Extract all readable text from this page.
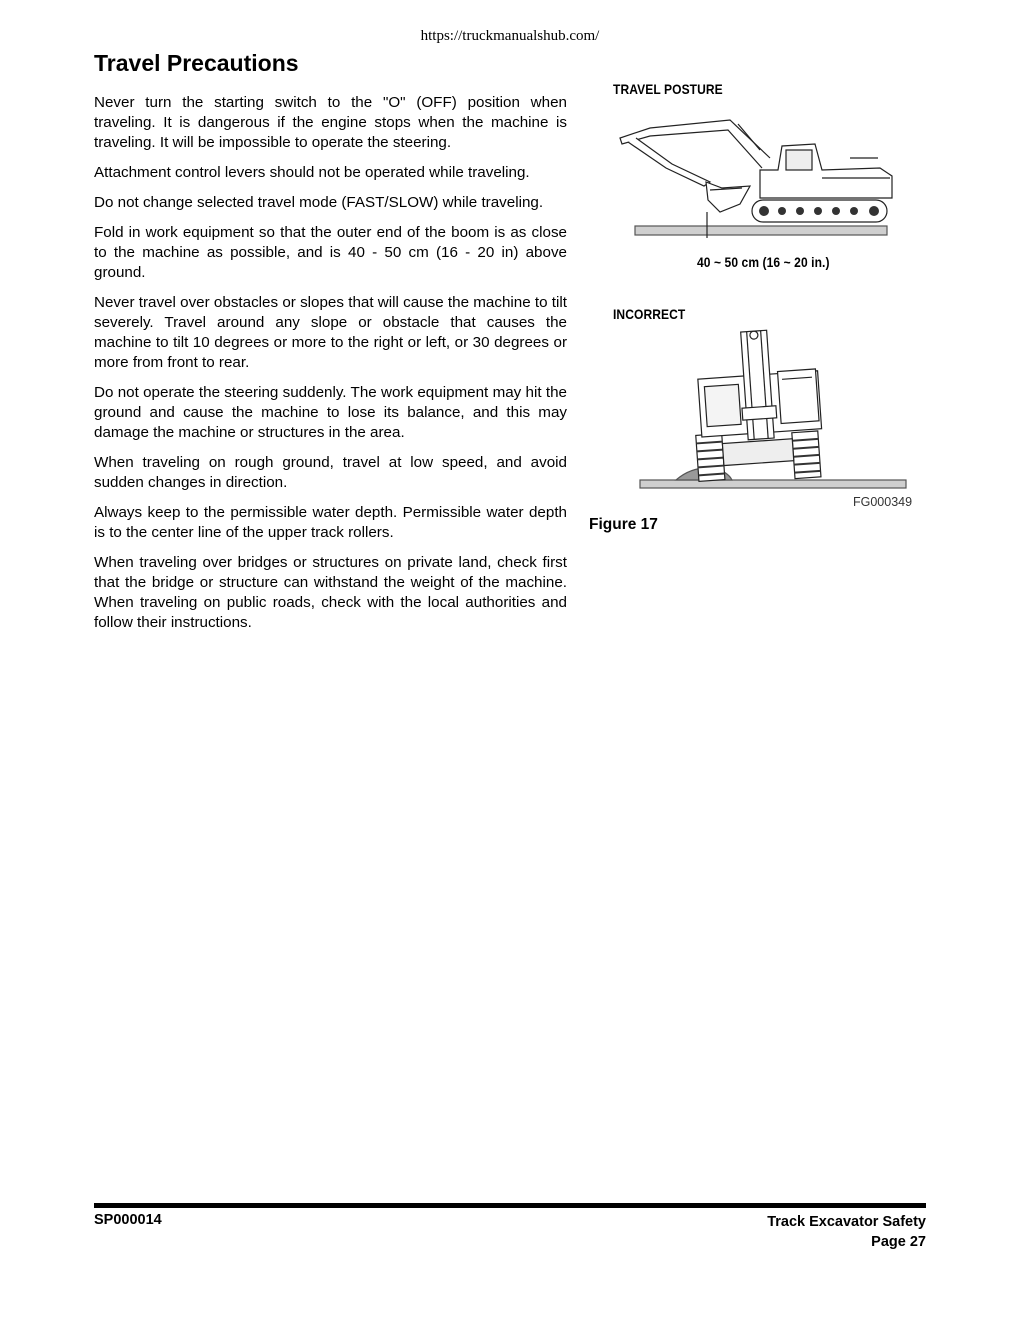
https://truckmanualshub.com/
Travel Precautions

Never turn the starting switch to the "O" (OFF) position when traveling. It is dangerous if the engine stops when the machine is traveling. It will be impossible to operate the steering.

Attachment control levers should not be operated while traveling.

Do not change selected travel mode (FAST/SLOW) while traveling.

Fold in work equipment so that the outer end of the boom is as close to the machine as possible, and is 40 - 50 cm (16 - 20 in) above ground.

Never travel over obstacles or slopes that will cause the machine to tilt severely. Travel around any slope or obstacle that causes the machine to tilt 10 degrees or more to the right or left, or 30 degrees or more from front to rear.

Do not operate the steering suddenly. The work equipment may hit the ground and cause the machine to lose its balance, and this may damage the machine or structures in the area.

When traveling on rough ground, travel at low speed, and avoid sudden changes in direction.

Always keep to the permissible water depth. Permissible water depth is to the center line of the upper track rollers.

When traveling over bridges or structures on private land, check first that the bridge or structure can withstand the weight of the machine. When traveling on public roads, check with the local authorities and follow their instructions.

TRAVEL POSTURE
40 ~ 50 cm (16 ~ 20 in.)
INCORRECT
FG000349
Figure 17
SP000014	Track Excavator Safety
Page 27
